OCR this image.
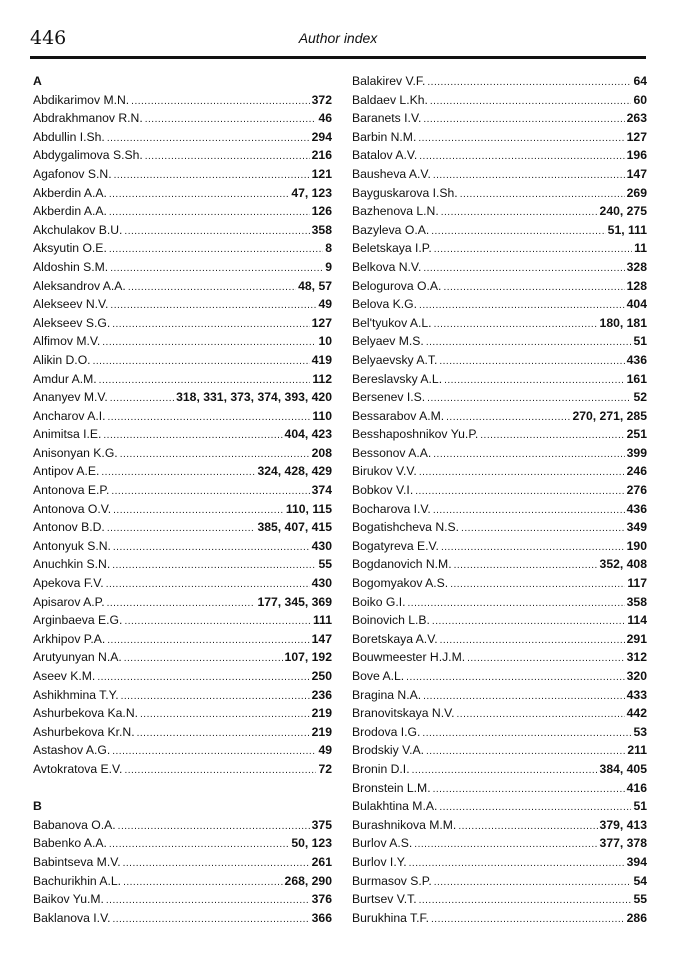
446	Author index
A
Abdikarimov M.N. .....	372
Abdrakhmanov R.N. .....	46
Abdullin I.Sh. .....	294
Abdygalimova S.Sh. .....	216
Agafonov S.N. .....	121
Akberdin A.A. .....	47, 123
Akberdin A.A. .....	126
Akchulakov B.U. .....	358
Aksyutin O.E. .....	8
Aldoshin S.M. .....	9
Aleksandrov A.A. .....	48, 57
Alekseev N.V. .....	49
Alekseev S.G. .....	127
Alfimov M.V. .....	10
Alikin D.O. .....	419
Amdur A.M. .....	112
Ananyev M.V. .....	318, 331, 373, 374, 393, 420
Ancharov A.I. .....	110
Animitsa I.E. .....	404, 423
Anisonyan K.G. .....	208
Antipov A.E. .....	324, 428, 429
Antonova E.P. .....	374
Antonova O.V. .....	110, 115
Antonov B.D. .....	385, 407, 415
Antonyuk S.N. .....	430
Anuchkin S.N. .....	55
Apekova F.V. .....	430
Apisarov A.P. .....	177, 345, 369
Arginbaeva E.G. .....	111
Arkhipov P.A. .....	147
Arutyunyan N.A. .....	107, 192
Aseev K.M. .....	250
Ashikhmina T.Y. .....	236
Ashurbekova Ka.N. .....	219
Ashurbekova Kr.N. .....	219
Astashov A.G. .....	49
Avtokratova E.V. .....	72
B
Babanova O.A. .....	375
Babenko A.A. .....	50, 123
Babintseva M.V. .....	261
Bachurikhin A.L. .....	268, 290
Baikov Yu.M. .....	376
Baklanova I.V. .....	366
Balakirev V.F. .....	64
Baldaev L.Kh. .....	60
Baranets I.V. .....	263
Barbin N.M. .....	127
Batalov A.V. .....	196
Bausheva A.V. .....	147
Bayguskarova I.Sh. .....	269
Bazhenova L.N. .....	240, 275
Bazyleva O.A. .....	51, 111
Beletskaya I.P. .....	11
Belkova N.V. .....	328
Belogurova O.A. .....	128
Belova K.G. .....	404
Bel'tyukov A.L. .....	180, 181
Belyaev M.S. .....	51
Belyaevsky A.T. .....	436
Bereslavsky A.L. .....	161
Bersenev I.S. .....	52
Bessarabov A.M. .....	270, 271, 285
Besshaposhnikov Yu.P. .....	251
Bessonov A.A. .....	399
Birukov V.V. .....	246
Bobkov V.I. .....	276
Bocharova I.V. .....	436
Bogatishcheva N.S. .....	349
Bogatyreva E.V. .....	190
Bogdanovich N.M. .....	352, 408
Bogomyakov A.S. .....	117
Boiko G.I. .....	358
Boinovich L.B. .....	114
Boretskaya A.V. .....	291
Bouwmeester H.J.M. .....	312
Bove A.L. .....	320
Bragina N.A. .....	433
Branovitskaya N.V. .....	442
Brodova I.G. .....	53
Brodskiy V.A. .....	211
Bronin D.I. .....	384, 405
Bronstein L.M. .....	416
Bulakhtina M.A. .....	51
Burashnikova M.M. .....	379, 413
Burlov A.S. .....	377, 378
Burlov I.Y. .....	394
Burmasov S.P. .....	54
Burtsev V.T. .....	55
Burukhina T.F. .....	286
